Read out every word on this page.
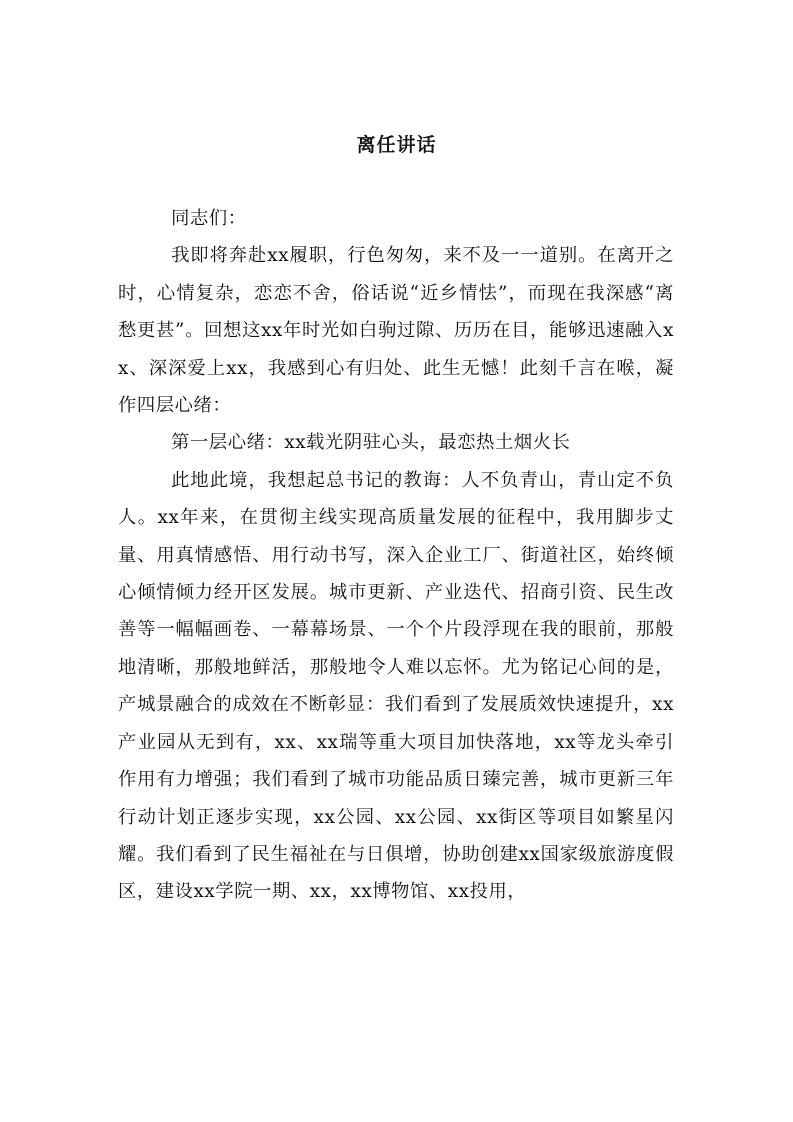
离任讲话

同志们：

我即将奔赴xx履职，行色匆匆，来不及一一道别。在离开之时，心情复杂，恋恋不舍，俗话说“近乡情怯”，而现在我深感“离愁更甚”。回想这xx年时光如白驹过隙、历历在目，能够迅速融入xx、深深爱上xx，我感到心有归处、此生无憾！此刻千言在喉，凝作四层心绪：

第一层心绪：xx载光阴驻心头，最恋热土烟火长

此地此境，我想起总书记的教诲：人不负青山，青山定不负人。xx年来，在贯彻主线实现高质量发展的征程中，我用脚步丈量、用真情感悟、用行动书写，深入企业工厂、街道社区，始终倾心倾情倾力经开区发展。城市更新、产业迭代、招商引资、民生改善等一幅幅画卷、一幕幕场景、一个个片段浮现在我的眼前，那般地清晰，那般地鲜活，那般地令人难以忘怀。尤为铭记心间的是，产城景融合的成效在不断彰显：我们看到了发展质效快速提升，xx产业园从无到有，xx、xx瑞等重大项目加快落地，xx等龙头牵引作用有力增强；我们看到了城市功能品质日臻完善，城市更新三年行动计划正逐步实现，xx公园、xx公园、xx街区等项目如繁星闪耀。我们看到了民生福祉在与日俱增，协助创建xx国家级旅游度假区，建设xx学院一期、xx，xx博物馆、xx投用，
